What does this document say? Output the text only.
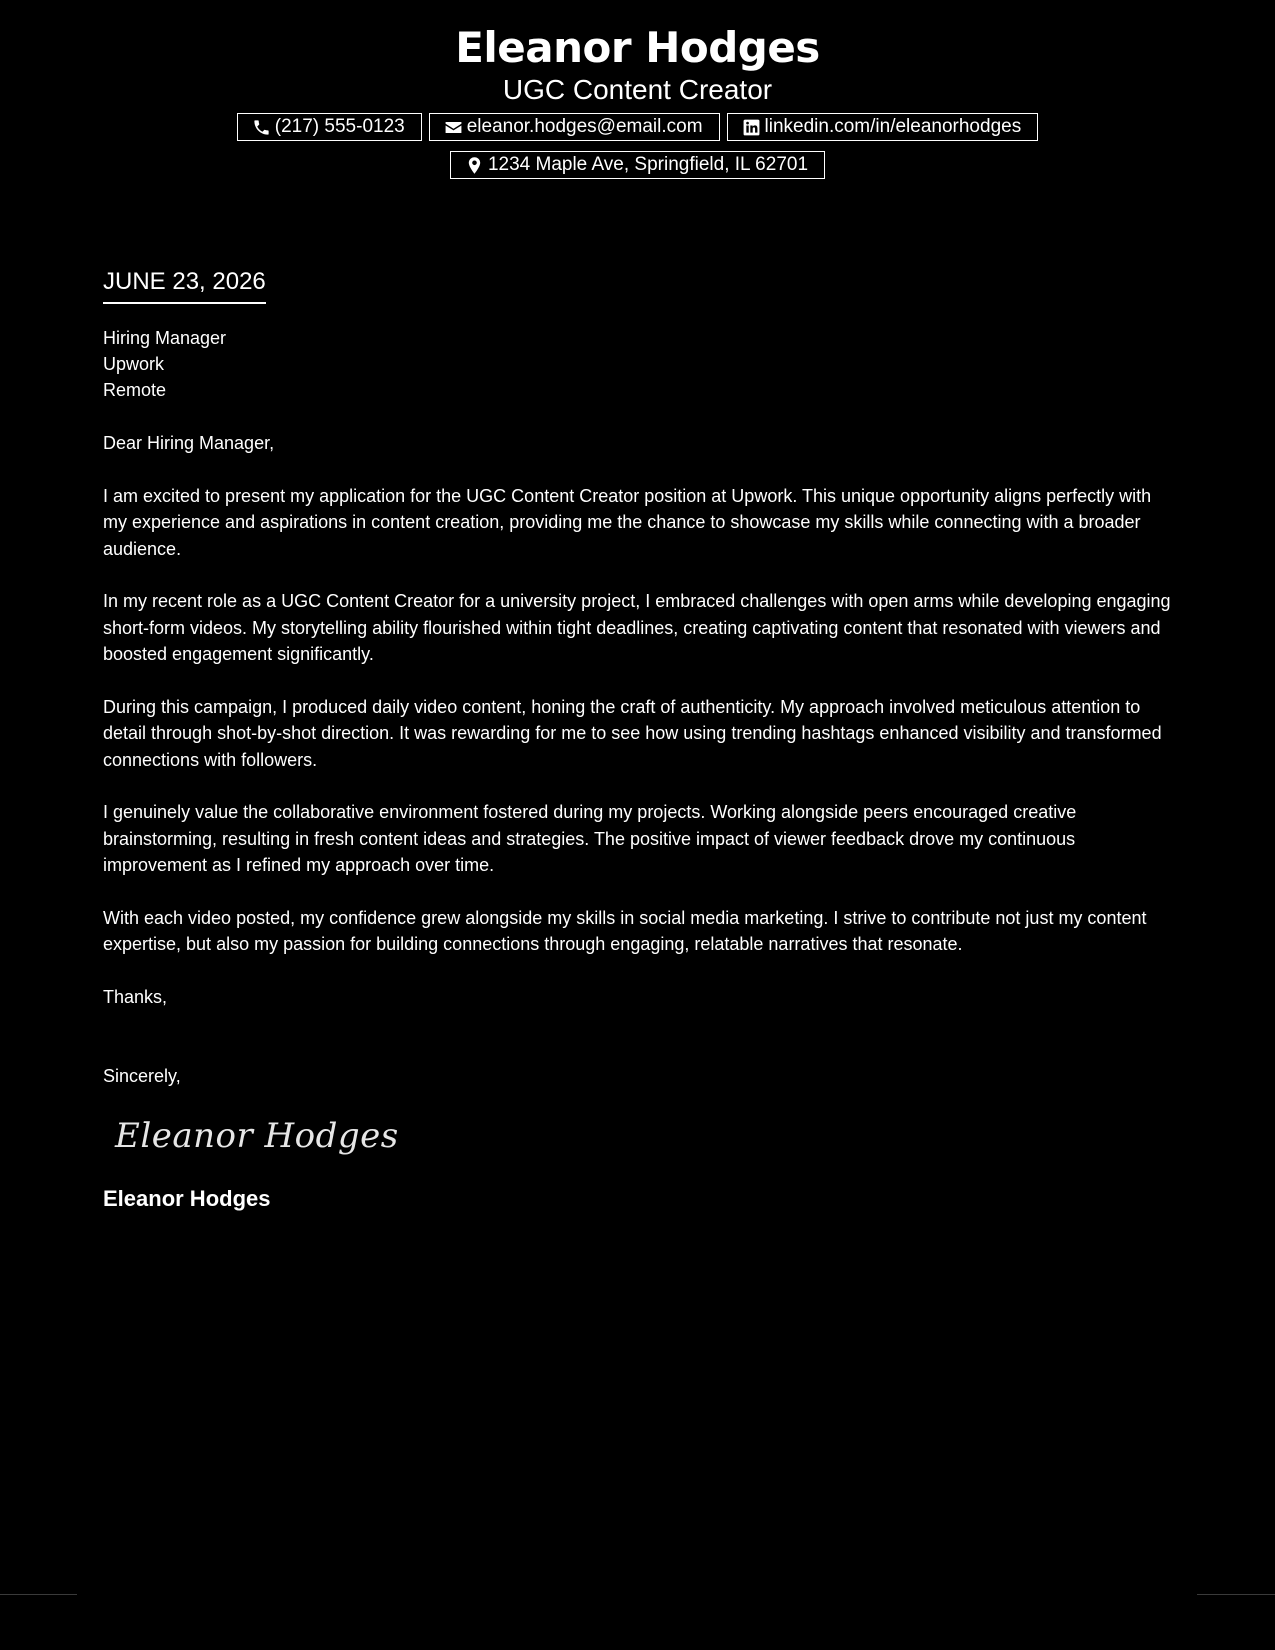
Eleanor Hodges

UGC Content Creator

(217) 555-0123	eleanor.hodges@email.com	linkedin.com/in/eleanorhodges
1234 Maple Ave, Springfield, IL 62701

JUNE 23, 2026

Hiring Manager
Upwork
Remote
Dear Hiring Manager,
I am excited to present my application for the UGC Content Creator position at Upwork. This unique opportunity aligns perfectly with my experience and aspirations in content creation, providing me the chance to showcase my skills while connecting with a broader audience.
In my recent role as a UGC Content Creator for a university project, I embraced challenges with open arms while developing engaging short-form videos. My storytelling ability flourished within tight deadlines, creating captivating content that resonated with viewers and boosted engagement significantly.
During this campaign, I produced daily video content, honing the craft of authenticity. My approach involved meticulous attention to detail through shot-by-shot direction. It was rewarding for me to see how using trending hashtags enhanced visibility and transformed connections with followers.
I genuinely value the collaborative environment fostered during my projects. Working alongside peers encouraged creative brainstorming, resulting in fresh content ideas and strategies. The positive impact of viewer feedback drove my continuous improvement as I refined my approach over time.
With each video posted, my confidence grew alongside my skills in social media marketing. I strive to contribute not just my content expertise, but also my passion for building connections through engaging, relatable narratives that resonate.
Thanks,
Sincerely,
Eleanor Hodges
Eleanor Hodges
